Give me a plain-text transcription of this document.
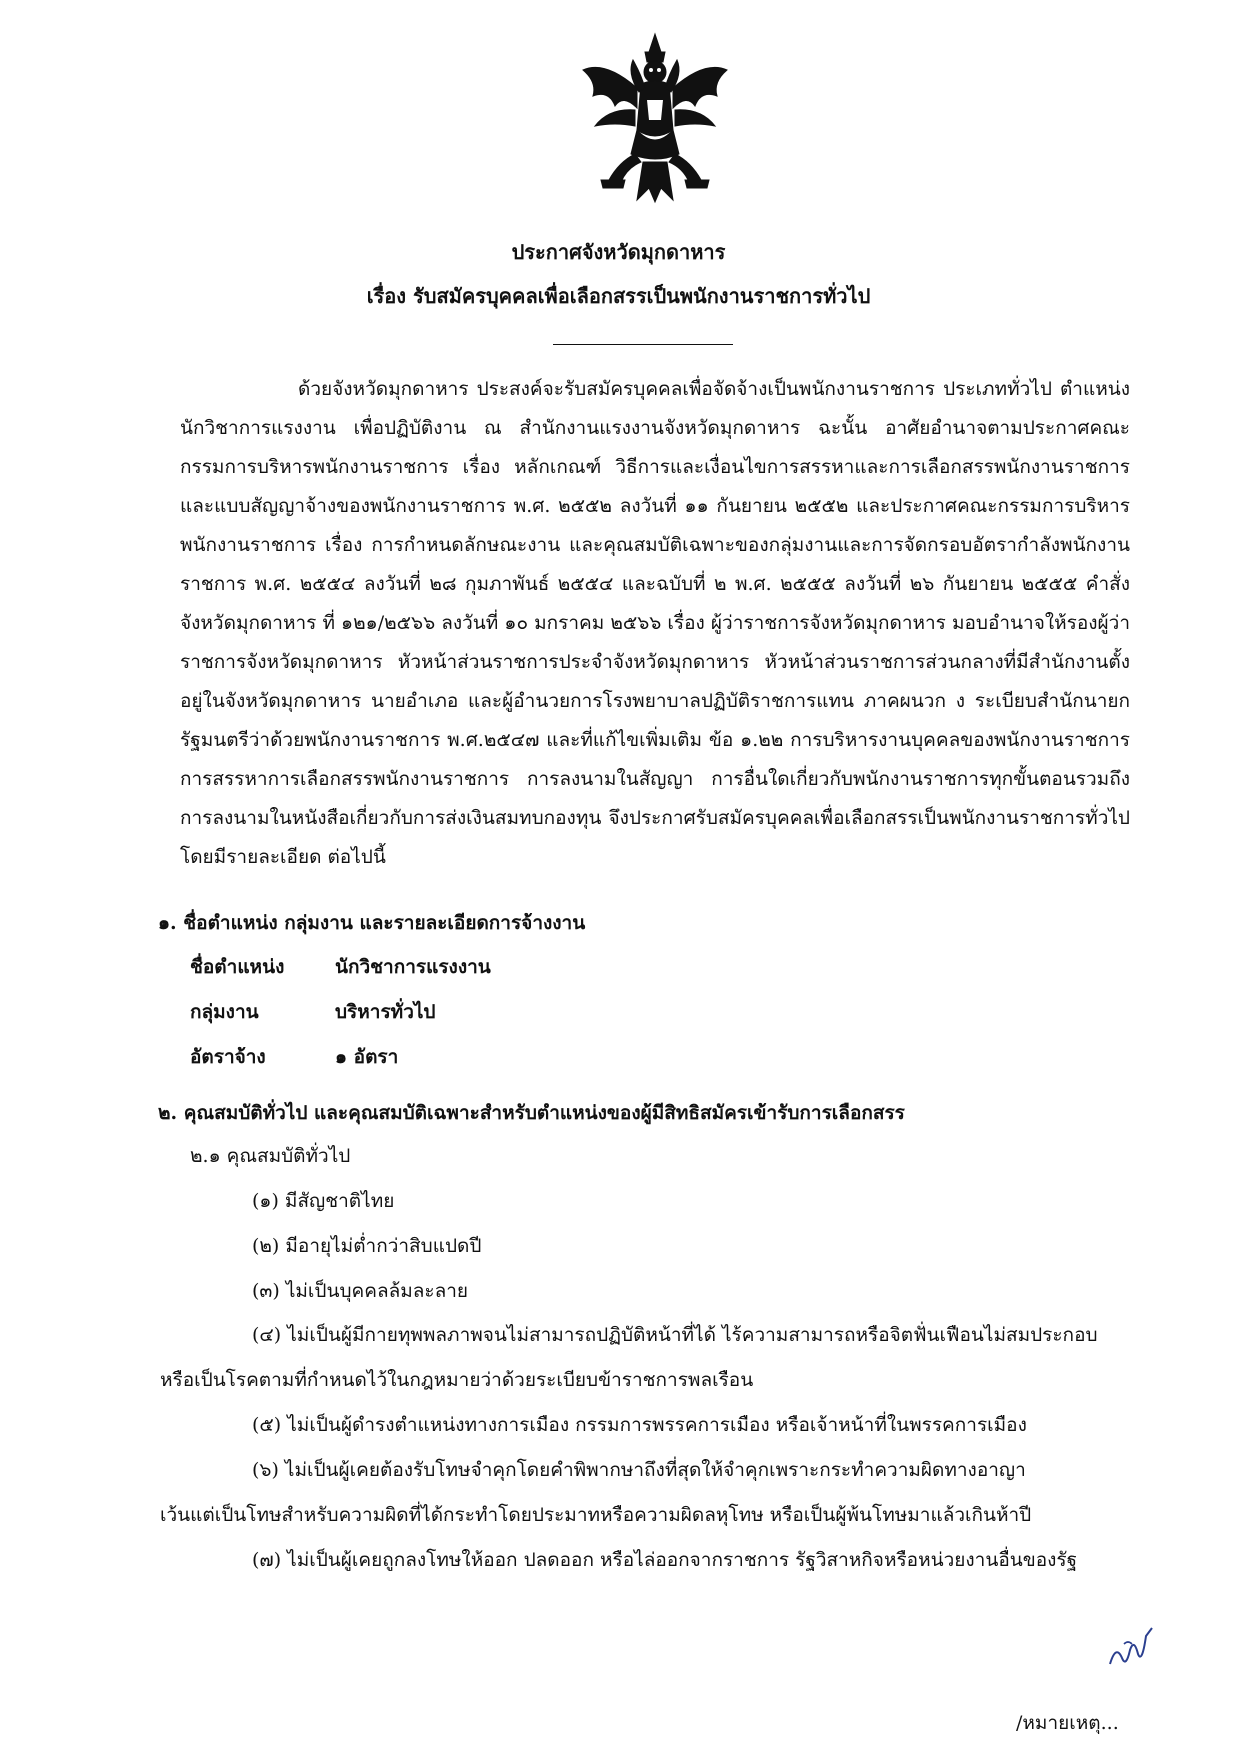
ประกาศจังหวัดมุกดาหาร
เรื่อง รับสมัครบุคคลเพื่อเลือกสรรเป็นพนักงานราชการทั่วไป
ด้วยจังหวัดมุกดาหาร ประสงค์จะรับสมัครบุคคลเพื่อจัดจ้างเป็นพนักงานราชการ ประเภททั่วไป ตำแหน่ง นักวิชาการแรงงาน เพื่อปฏิบัติงาน ณ สำนักงานแรงงานจังหวัดมุกดาหาร ฉะนั้น อาศัยอำนาจตามประกาศคณะกรรมการบริหารพนักงานราชการ เรื่อง หลักเกณฑ์ วิธีการและเงื่อนไขการสรรหาและการเลือกสรรพนักงานราชการ และแบบสัญญาจ้างของพนักงานราชการ พ.ศ. ๒๕๕๒ ลงวันที่ ๑๑ กันยายน ๒๕๕๒ และประกาศคณะกรรมการบริหารพนักงานราชการ เรื่อง การกำหนดลักษณะงาน และคุณสมบัติเฉพาะของกลุ่มงานและการจัดกรอบอัตรากำลังพนักงานราชการ พ.ศ. ๒๕๕๔ ลงวันที่ ๒๘ กุมภาพันธ์ ๒๕๕๔ และฉบับที่ ๒ พ.ศ. ๒๕๕๕ ลงวันที่ ๒๖ กันยายน ๒๕๕๕ คำสั่งจังหวัดมุกดาหาร ที่ ๑๒๑/๒๕๖๖ ลงวันที่ ๑๐ มกราคม ๒๕๖๖ เรื่อง ผู้ว่าราชการจังหวัดมุกดาหาร มอบอำนาจให้รองผู้ว่าราชการจังหวัดมุกดาหาร หัวหน้าส่วนราชการประจำจังหวัดมุกดาหาร หัวหน้าส่วนราชการส่วนกลางที่มีสำนักงานตั้งอยู่ในจังหวัดมุกดาหาร นายอำเภอ และผู้อำนวยการโรงพยาบาลปฏิบัติราชการแทน ภาคผนวก ง ระเบียบสำนักนายกรัฐมนตรีว่าด้วยพนักงานราชการ พ.ศ.๒๕๔๗ และที่แก้ไขเพิ่มเติม ข้อ ๑.๒๒ การบริหารงานบุคคลของพนักงานราชการ การสรรหาการเลือกสรรพนักงานราชการ การลงนามในสัญญา การอื่นใดเกี่ยวกับพนักงานราชการทุกขั้นตอนรวมถึงการลงนามในหนังสือเกี่ยวกับการส่งเงินสมทบกองทุน จึงประกาศรับสมัครบุคคลเพื่อเลือกสรรเป็นพนักงานราชการทั่วไป โดยมีรายละเอียด ต่อไปนี้
๑. ชื่อตำแหน่ง กลุ่มงาน และรายละเอียดการจ้างงาน
ชื่อตำแหน่ง	นักวิชาการแรงงาน
กลุ่มงาน	บริหารทั่วไป
อัตราจ้าง	๑ อัตรา
๒. คุณสมบัติทั่วไป และคุณสมบัติเฉพาะสำหรับตำแหน่งของผู้มีสิทธิสมัครเข้ารับการเลือกสรร
๒.๑ คุณสมบัติทั่วไป
(๑) มีสัญชาติไทย
(๒) มีอายุไม่ต่ำกว่าสิบแปดปี
(๓) ไม่เป็นบุคคลล้มละลาย
(๔) ไม่เป็นผู้มีกายทุพพลภาพจนไม่สามารถปฏิบัติหน้าที่ได้ ไร้ความสามารถหรือจิตฟั่นเฟือนไม่สมประกอบ
หรือเป็นโรคตามที่กำหนดไว้ในกฎหมายว่าด้วยระเบียบข้าราชการพลเรือน
(๕) ไม่เป็นผู้ดำรงตำแหน่งทางการเมือง กรรมการพรรคการเมือง หรือเจ้าหน้าที่ในพรรคการเมือง
(๖) ไม่เป็นผู้เคยต้องรับโทษจำคุกโดยคำพิพากษาถึงที่สุดให้จำคุกเพราะกระทำความผิดทางอาญา
เว้นแต่เป็นโทษสำหรับความผิดที่ได้กระทำโดยประมาทหรือความผิดลหุโทษ หรือเป็นผู้พ้นโทษมาแล้วเกินห้าปี
(๗) ไม่เป็นผู้เคยถูกลงโทษให้ออก ปลดออก หรือไล่ออกจากราชการ รัฐวิสาหกิจหรือหน่วยงานอื่นของรัฐ
/หมายเหตุ...
